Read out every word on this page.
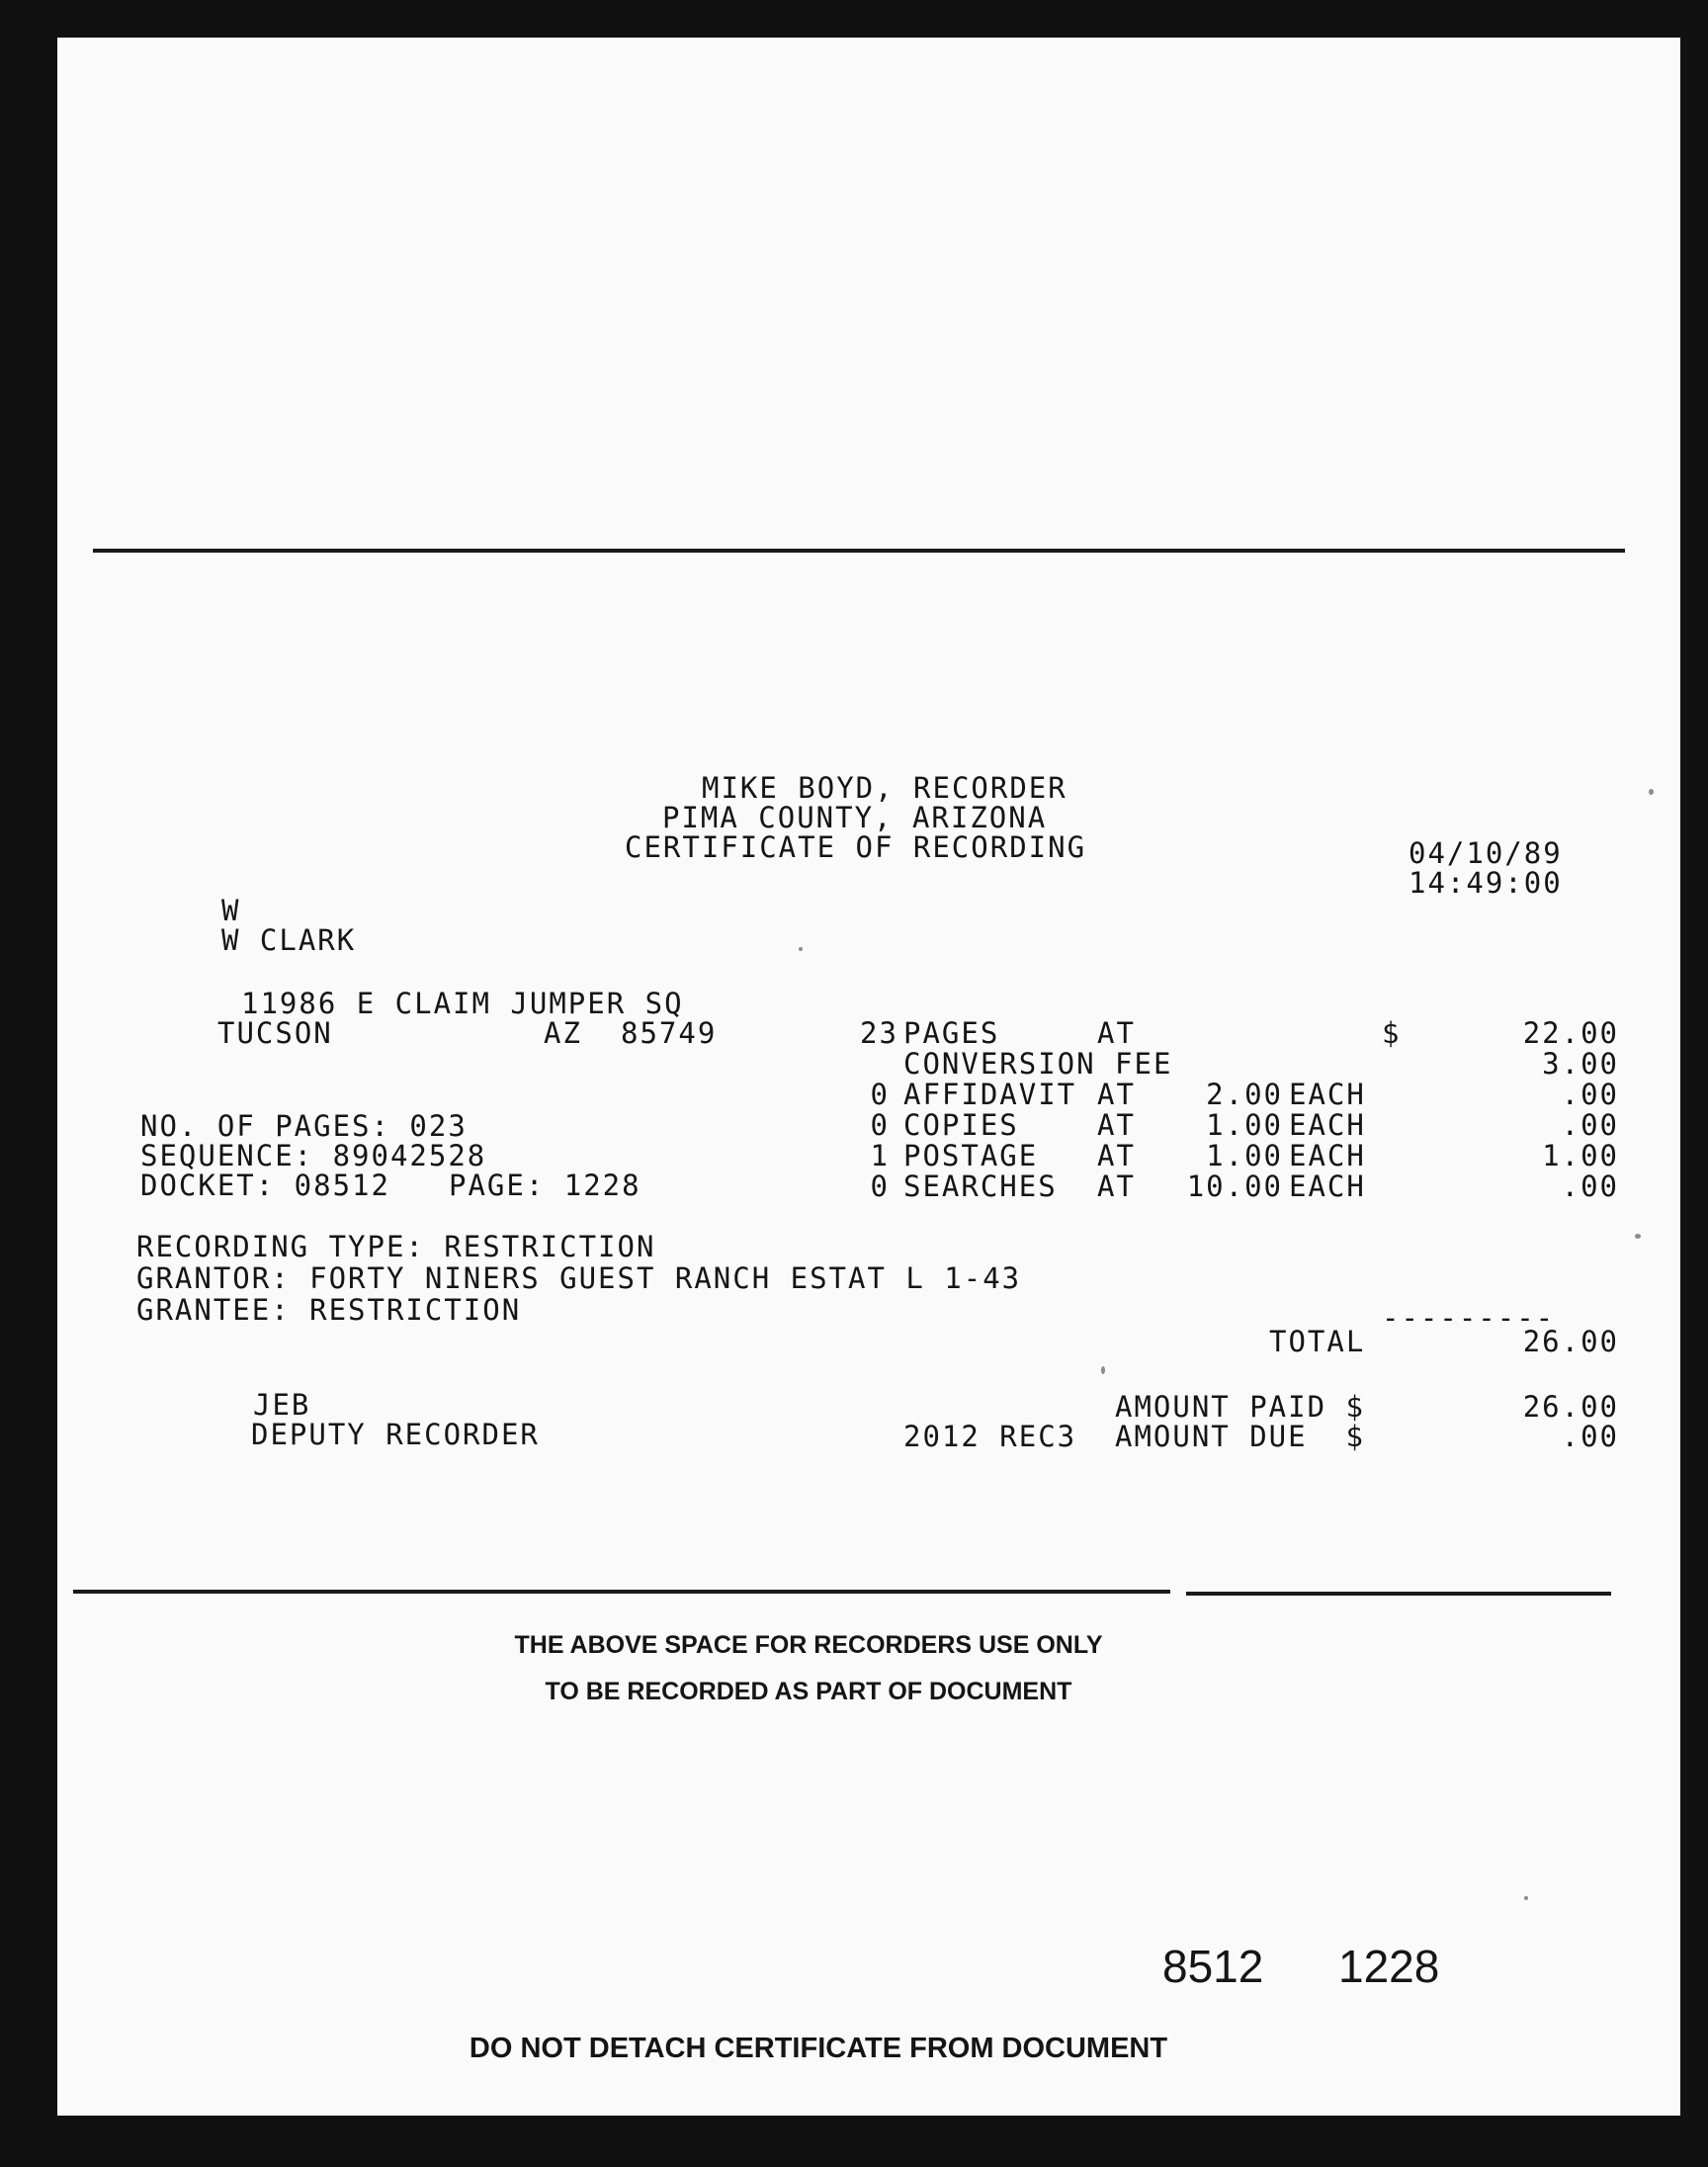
MIKE BOYD, RECORDER
PIMA COUNTY, ARIZONA
CERTIFICATE OF RECORDING	04/10/89
14:49:00
W
W CLARK
11986 E CLAIM JUMPER SQ
TUCSON	AZ 85749	23 PAGES	AT	$	22.00
CONVERSION FEE	3.00
0 AFFIDAVIT AT	2.00 EACH	.00
0 COPIES	AT	1.00 EACH	.00
1 POSTAGE	AT	1.00 EACH	1.00
0 SEARCHES	AT	10.00 EACH	.00
NO. OF PAGES: 023
SEQUENCE: 89042528
DOCKET: 08512 PAGE: 1228
RECORDING TYPE: RESTRICTION
GRANTOR: FORTY NINERS GUEST RANCH ESTAT L 1-43
GRANTEE: RESTRICTION	---------
TOTAL	26.00
JEB
DEPUTY RECORDER	2012 REC3
AMOUNT PAID $	26.00
AMOUNT DUE  $	.00
THE ABOVE SPACE FOR RECORDERS USE ONLY
TO BE RECORDED AS PART OF DOCUMENT
8512 1228
DO NOT DETACH CERTIFICATE FROM DOCUMENT
